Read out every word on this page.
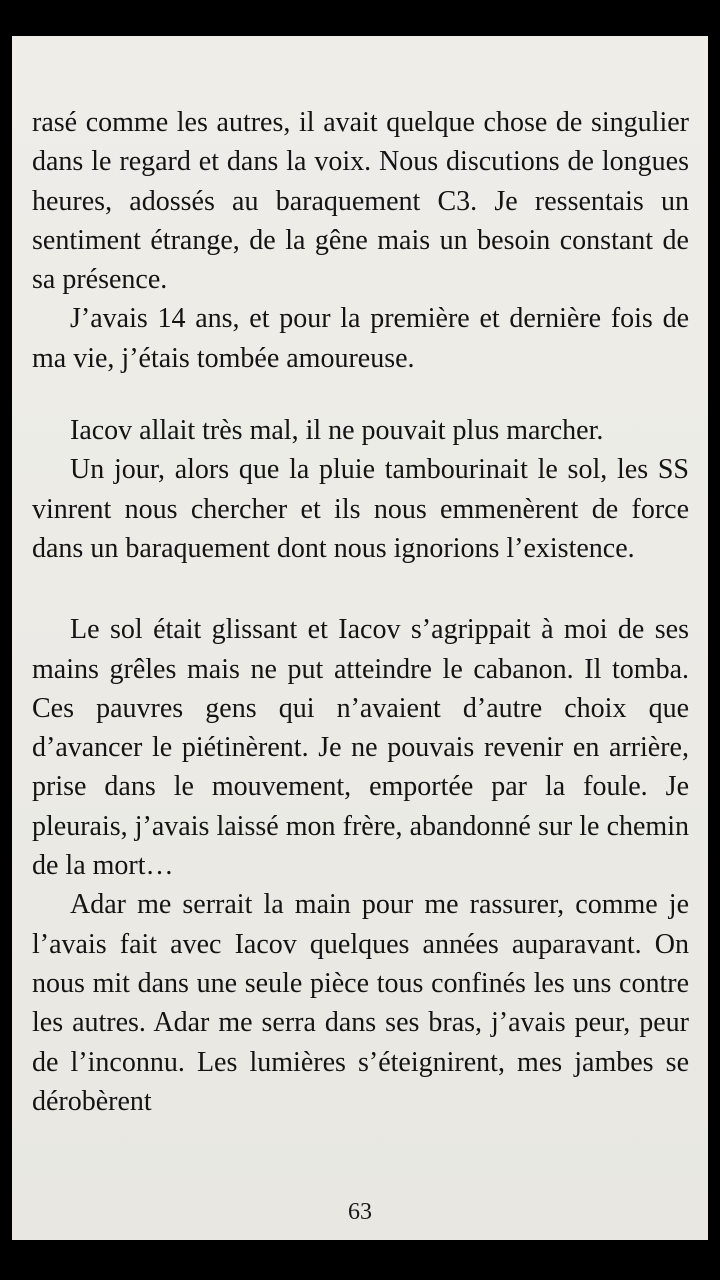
rasé comme les autres, il avait quelque chose de singulier dans le regard et dans la voix. Nous discutions de longues heures, adossés au baraquement C3. Je ressentais un sentiment étrange, de la gêne mais un besoin constant de sa présence.

J’avais 14 ans, et pour la première et dernière fois de ma vie, j’étais tombée amoureuse.

Iacov allait très mal, il ne pouvait plus marcher.

Un jour, alors que la pluie tambourinait le sol, les SS vinrent nous chercher et ils nous emmenèrent de force dans un baraquement dont nous ignorions l’existence.

Le sol était glissant et Iacov s’agrippait à moi de ses mains grêles mais ne put atteindre le cabanon. Il tomba. Ces pauvres gens qui n’avaient d’autre choix que d’avancer le piétinèrent. Je ne pouvais revenir en arrière, prise dans le mouvement, emportée par la foule. Je pleurais, j’avais laissé mon frère, abandonné sur le chemin de la mort…

Adar me serrait la main pour me rassurer, comme je l’avais fait avec Iacov quelques années auparavant. On nous mit dans une seule pièce tous confinés les uns contre les autres. Adar me serra dans ses bras, j’avais peur, peur de l’inconnu. Les lumières s’éteignirent, mes jambes se dérobèrent

63
